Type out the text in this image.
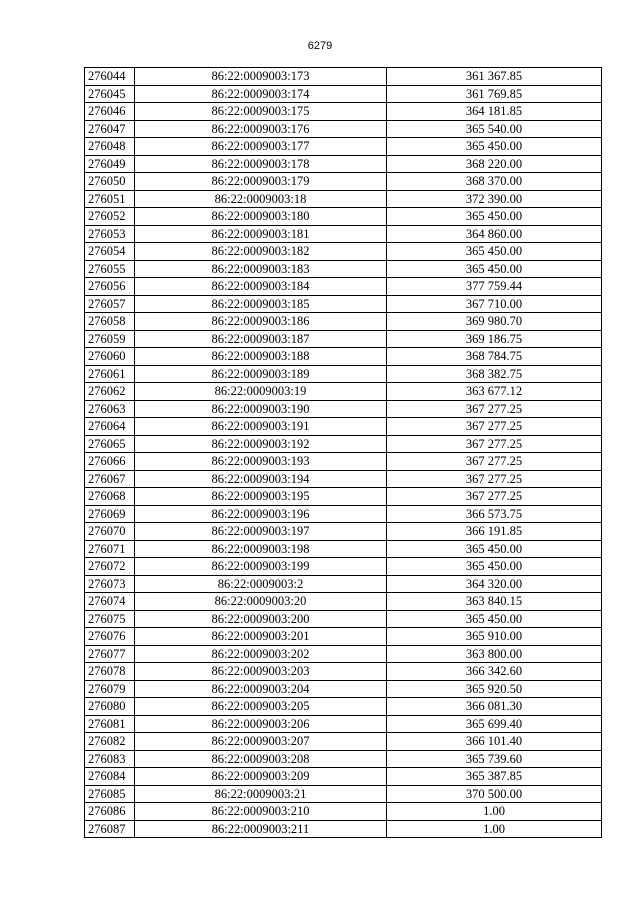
6279
276044	86:22:0009003:173	361 367.85
276045	86:22:0009003:174	361 769.85
276046	86:22:0009003:175	364 181.85
276047	86:22:0009003:176	365 540.00
276048	86:22:0009003:177	365 450.00
276049	86:22:0009003:178	368 220.00
276050	86:22:0009003:179	368 370.00
276051	86:22:0009003:18	372 390.00
276052	86:22:0009003:180	365 450.00
276053	86:22:0009003:181	364 860.00
276054	86:22:0009003:182	365 450.00
276055	86:22:0009003:183	365 450.00
276056	86:22:0009003:184	377 759.44
276057	86:22:0009003:185	367 710.00
276058	86:22:0009003:186	369 980.70
276059	86:22:0009003:187	369 186.75
276060	86:22:0009003:188	368 784.75
276061	86:22:0009003:189	368 382.75
276062	86:22:0009003:19	363 677.12
276063	86:22:0009003:190	367 277.25
276064	86:22:0009003:191	367 277.25
276065	86:22:0009003:192	367 277.25
276066	86:22:0009003:193	367 277.25
276067	86:22:0009003:194	367 277.25
276068	86:22:0009003:195	367 277.25
276069	86:22:0009003:196	366 573.75
276070	86:22:0009003:197	366 191.85
276071	86:22:0009003:198	365 450.00
276072	86:22:0009003:199	365 450.00
276073	86:22:0009003:2	364 320.00
276074	86:22:0009003:20	363 840.15
276075	86:22:0009003:200	365 450.00
276076	86:22:0009003:201	365 910.00
276077	86:22:0009003:202	363 800.00
276078	86:22:0009003:203	366 342.60
276079	86:22:0009003:204	365 920.50
276080	86:22:0009003:205	366 081.30
276081	86:22:0009003:206	365 699.40
276082	86:22:0009003:207	366 101.40
276083	86:22:0009003:208	365 739.60
276084	86:22:0009003:209	365 387.85
276085	86:22:0009003:21	370 500.00
276086	86:22:0009003:210	1.00
276087	86:22:0009003:211	1.00
